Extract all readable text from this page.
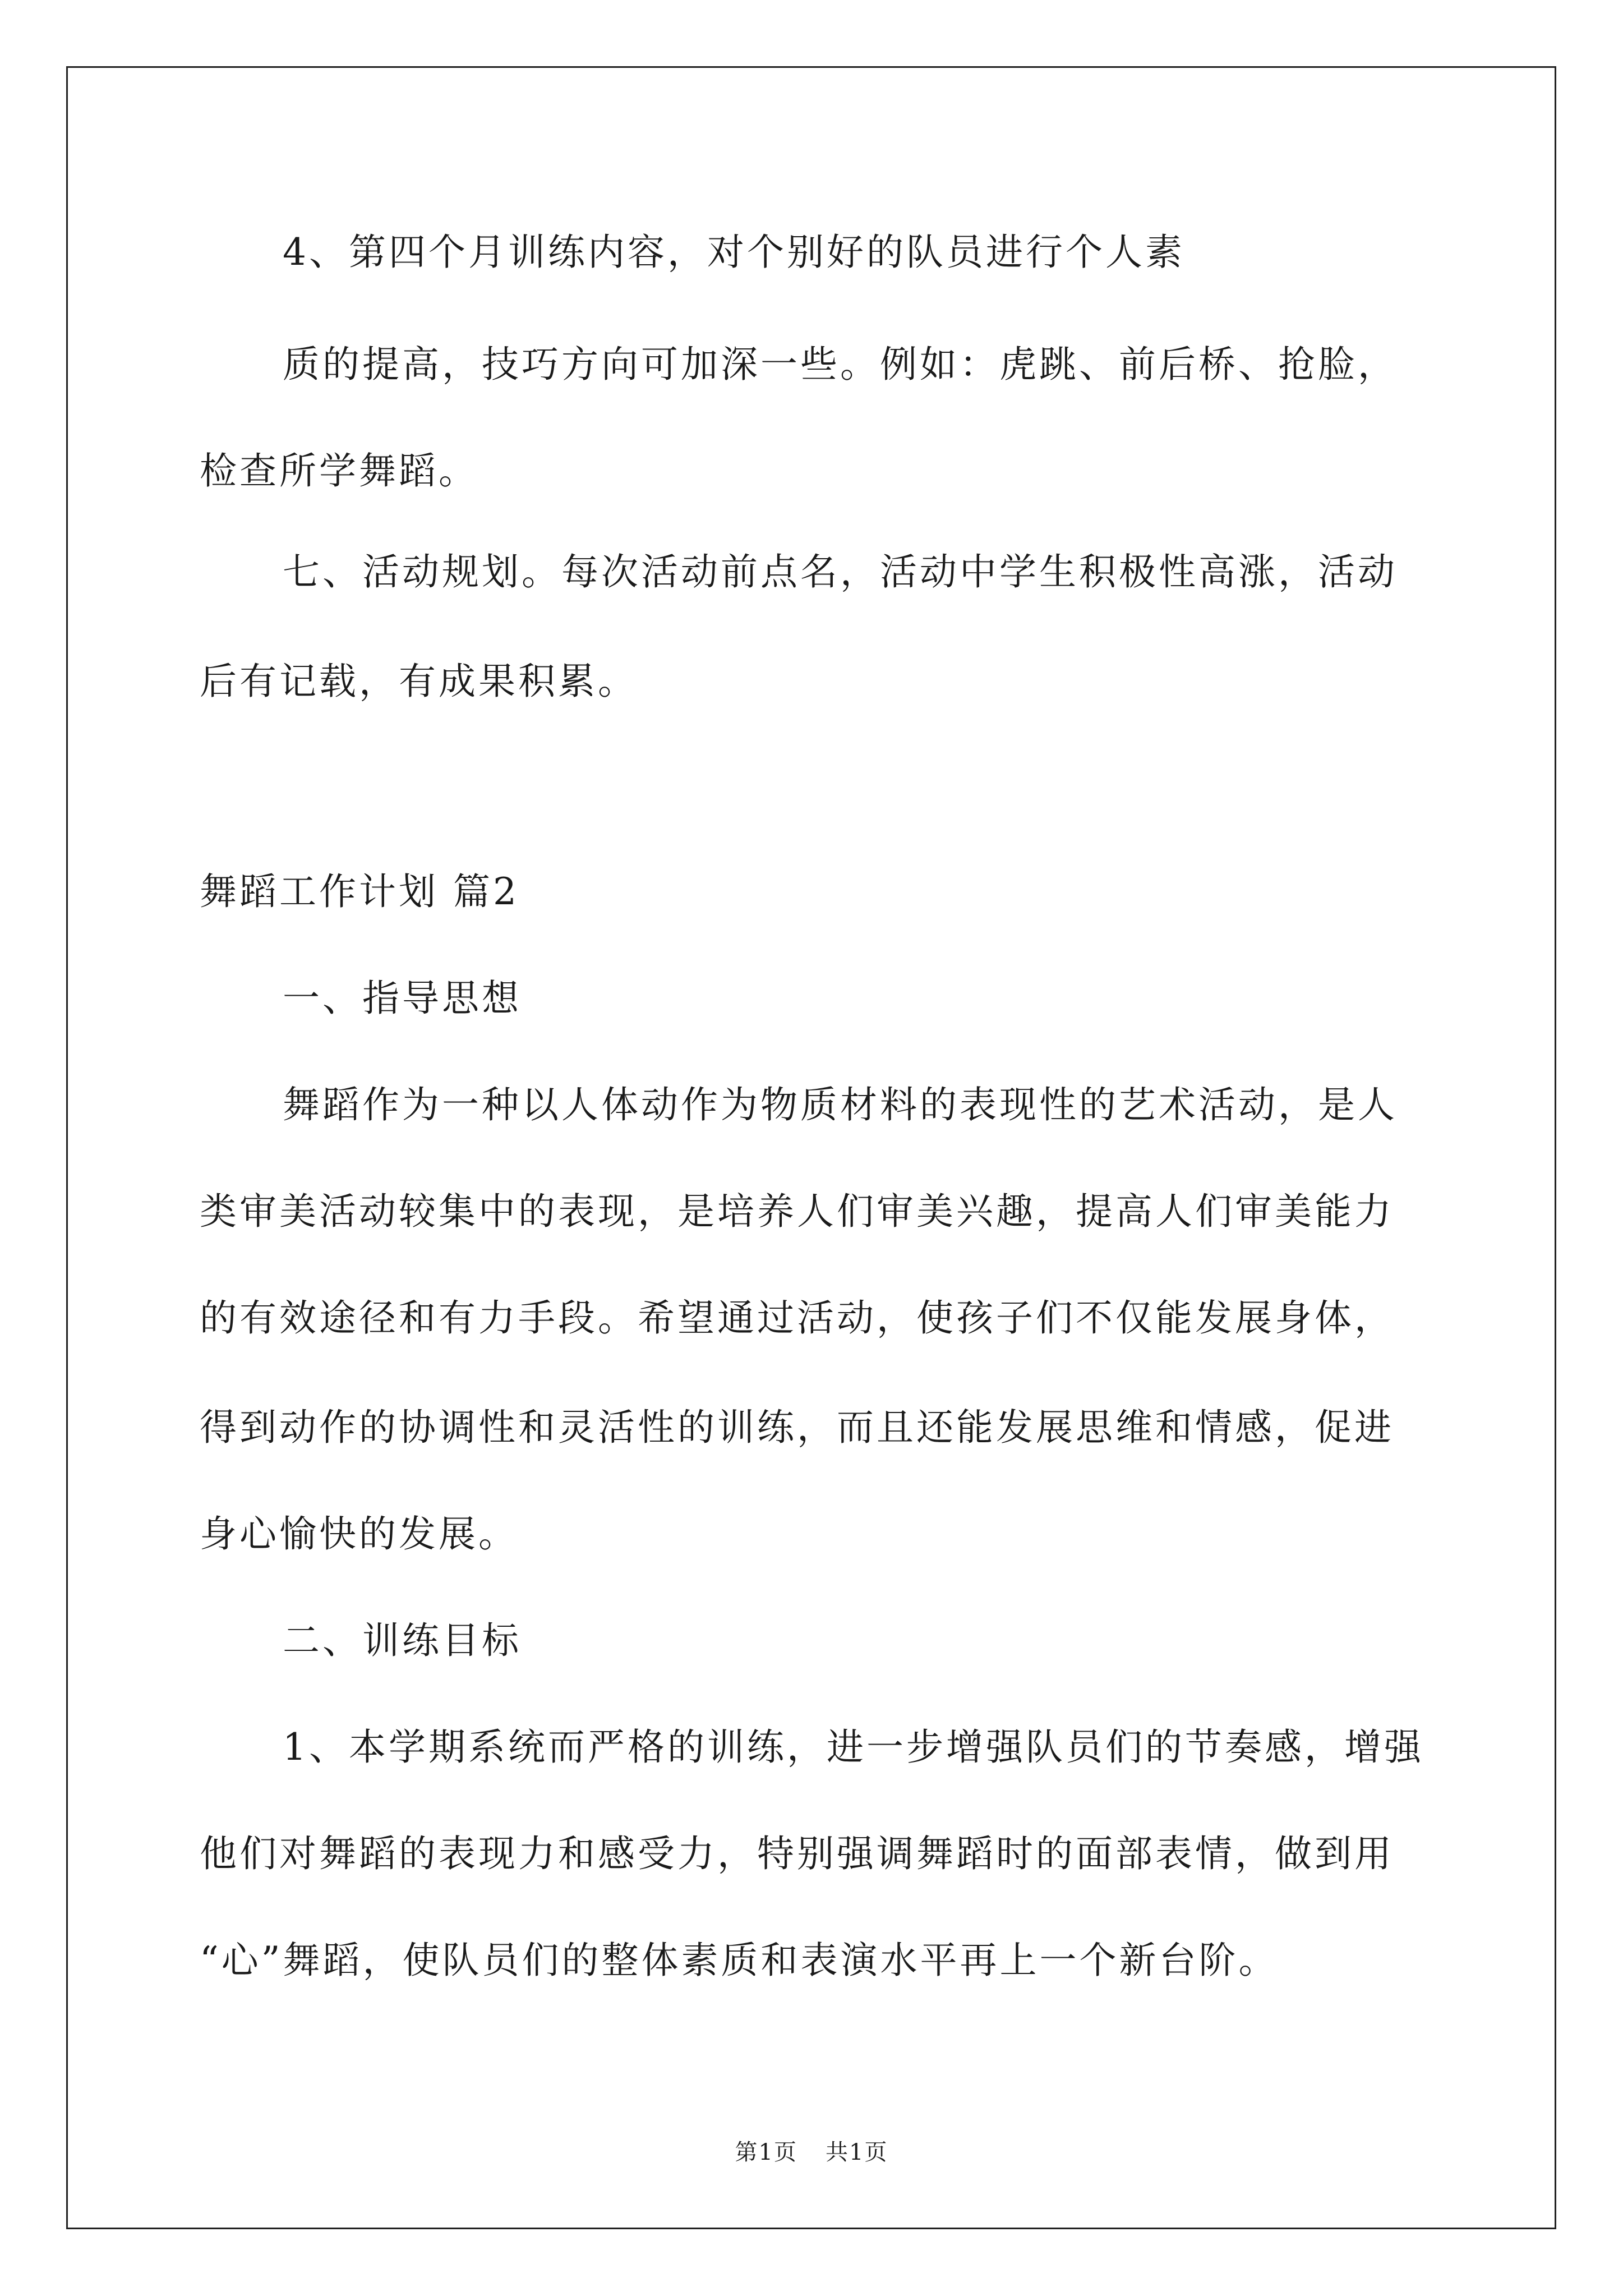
4、第四个月训练内容，对个别好的队员进行个人素
质的提高，技巧方向可加深一些。例如：虎跳、前后桥、抢脸，
检查所学舞蹈。
七、活动规划。每次活动前点名，活动中学生积极性高涨，活动
后有记载，有成果积累。
舞蹈工作计划 篇2
一、指导思想
舞蹈作为一种以人体动作为物质材料的表现性的艺术活动，是人
类审美活动较集中的表现，是培养人们审美兴趣，提高人们审美能力
的有效途径和有力手段。希望通过活动，使孩子们不仅能发展身体，
得到动作的协调性和灵活性的训练，而且还能发展思维和情感，促进
身心愉快的发展。
二、训练目标
1、本学期系统而严格的训练，进一步增强队员们的节奏感，增强
他们对舞蹈的表现力和感受力，特别强调舞蹈时的面部表情，做到用
“心”舞蹈，使队员们的整体素质和表演水平再上一个新台阶。
第1页 共1页
